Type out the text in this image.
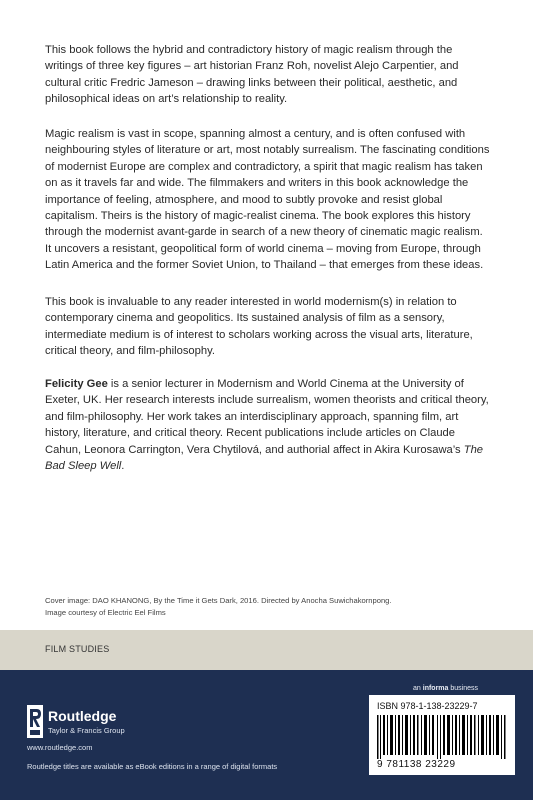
This book follows the hybrid and contradictory history of magic realism through the writings of three key figures – art historian Franz Roh, novelist Alejo Carpentier, and cultural critic Fredric Jameson – drawing links between their political, aesthetic, and philosophical ideas on art’s relationship to reality.

Magic realism is vast in scope, spanning almost a century, and is often confused with neighbouring styles of literature or art, most notably surrealism. The fascinating conditions of modernist Europe are complex and contradictory, a spirit that magic realism has taken on as it travels far and wide. The filmmakers and writers in this book acknowledge the importance of feeling, atmosphere, and mood to subtly provoke and resist global capitalism. Theirs is the history of magic-realist cinema. The book explores this history through the modernist avant-garde in search of a new theory of cinematic magic realism. It uncovers a resistant, geopolitical form of world cinema – moving from Europe, through Latin America and the former Soviet Union, to Thailand – that emerges from these ideas.

This book is invaluable to any reader interested in world modernism(s) in relation to contemporary cinema and geopolitics. Its sustained analysis of film as a sensory, intermediate medium is of interest to scholars working across the visual arts, literature, critical theory, and film-philosophy.

Felicity Gee is a senior lecturer in Modernism and World Cinema at the University of Exeter, UK. Her research interests include surrealism, women theorists and critical theory, and film-philosophy. Her work takes an interdisciplinary approach, spanning film, art history, literature, and critical theory. Recent publications include articles on Claude Cahun, Leonora Carrington, Vera Chytilová, and authorial affect in Akira Kurosawa’s The Bad Sleep Well.

Cover image: DAO KHANONG, By the Time it Gets Dark, 2016. Directed by Anocha Suwichakornpong.
Image courtesy of Electric Eel Films
FILM STUDIES
an informa business
Routledge
Taylor & Francis Group
www.routledge.com
Routledge titles are available as eBook editions in a range of digital formats
ISBN 978-1-138-23229-7
9 781138 23229
